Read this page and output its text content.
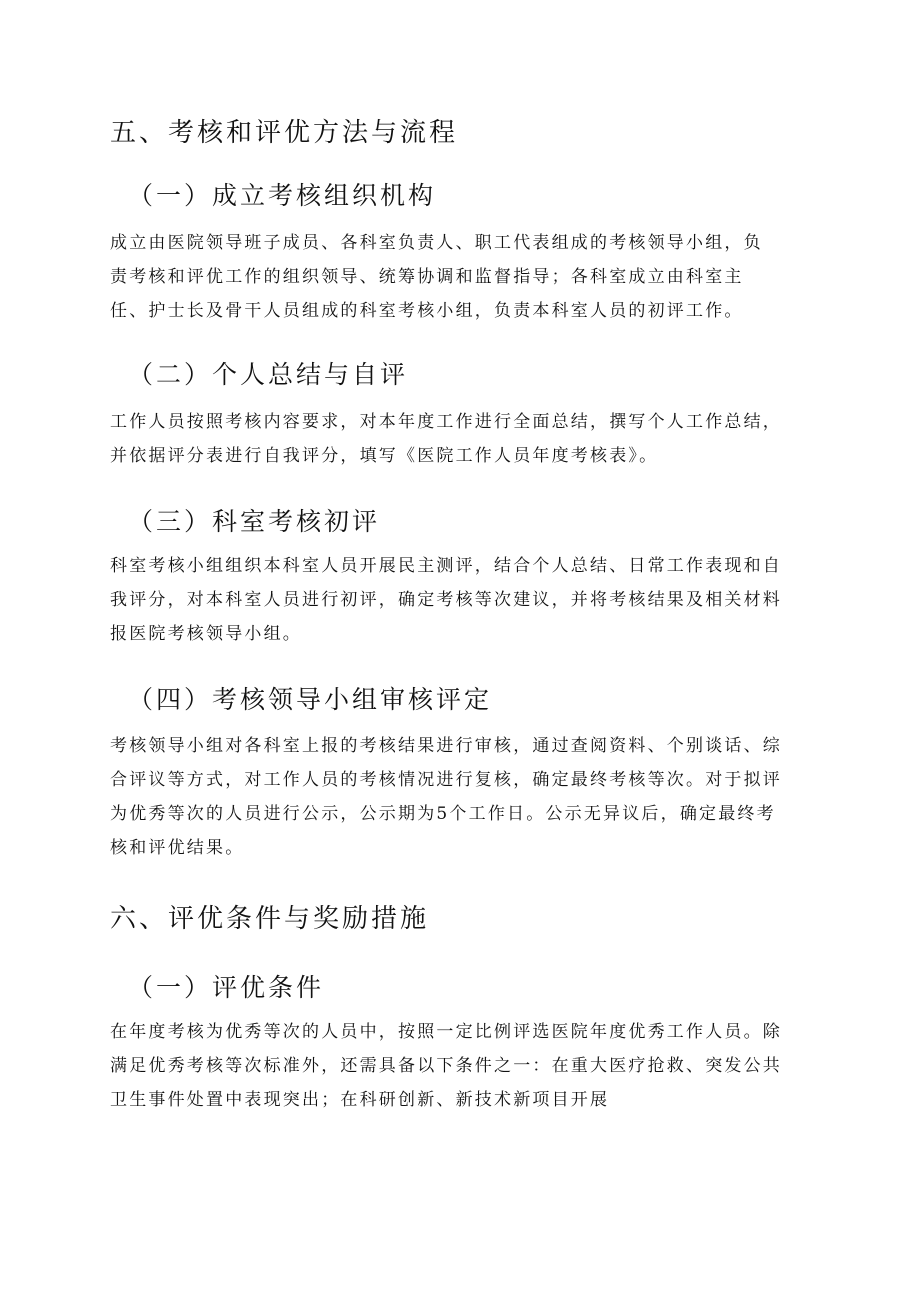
五、考核和评优方法与流程
（一）成立考核组织机构
成立由医院领导班子成员、各科室负责人、职工代表组成的考核领导小组，负
责考核和评优工作的组织领导、统筹协调和监督指导；各科室成立由科室主
任、护士长及骨干人员组成的科室考核小组，负责本科室人员的初评工作。
（二）个人总结与自评
工作人员按照考核内容要求，对本年度工作进行全面总结，撰写个人工作总结，
并依据评分表进行自我评分，填写《医院工作人员年度考核表》。
（三）科室考核初评
科室考核小组组织本科室人员开展民主测评，结合个人总结、日常工作表现和自
我评分，对本科室人员进行初评，确定考核等次建议，并将考核结果及相关材料
报医院考核领导小组。
（四）考核领导小组审核评定
考核领导小组对各科室上报的考核结果进行审核，通过查阅资料、个别谈话、综
合评议等方式，对工作人员的考核情况进行复核，确定最终考核等次。对于拟评
为优秀等次的人员进行公示，公示期为5个工作日。公示无异议后，确定最终考
核和评优结果。
六、评优条件与奖励措施
（一）评优条件
在年度考核为优秀等次的人员中，按照一定比例评选医院年度优秀工作人员。除
满足优秀考核等次标准外，还需具备以下条件之一：在重大医疗抢救、突发公共
卫生事件处置中表现突出；在科研创新、新技术新项目开展
